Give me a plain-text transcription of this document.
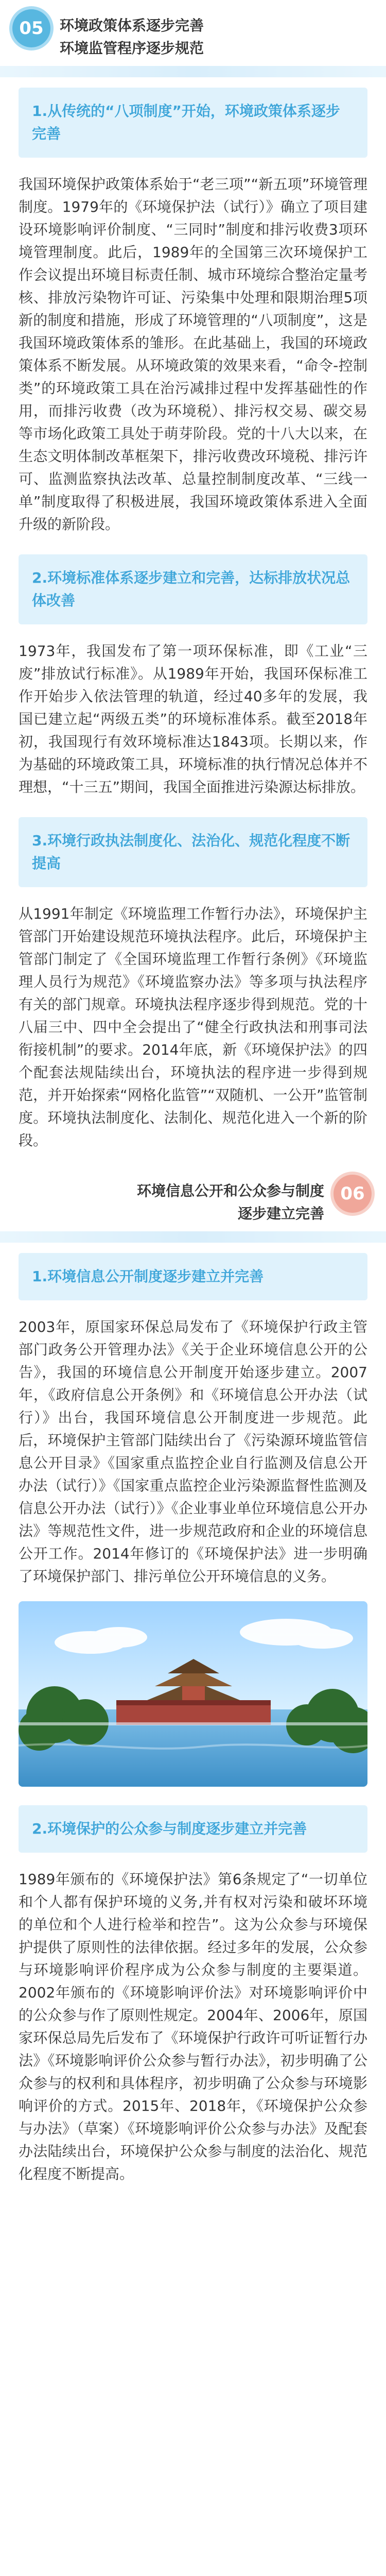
05 环境政策体系逐步完善
环境监管程序逐步规范
1.从传统的“八项制度”开始，环境政策体系逐步完善
我国环境保护政策体系始于“老三项”“新五项”环境管理制度。1979年的《环境保护法（试行）》确立了项目建设环境影响评价制度、“三同时”制度和排污收费3项环境管理制度。此后，1989年的全国第三次环境保护工作会议提出环境目标责任制、城市环境综合整治定量考核、排放污染物许可证、污染集中处理和限期治理5项新的制度和措施，形成了环境管理的“八项制度”，这是我国环境政策体系的雏形。在此基础上，我国的环境政策体系不断发展。从环境政策的效果来看，“命令-控制类”的环境政策工具在治污减排过程中发挥基础性的作用，而排污收费（改为环境税）、排污权交易、碳交易等市场化政策工具处于萌芽阶段。党的十八大以来，在生态文明体制改革框架下，排污收费改环境税、排污许可、监测监察执法改革、总量控制制度改革、“三线一单”制度取得了积极进展，我国环境政策体系进入全面升级的新阶段。
2.环境标准体系逐步建立和完善，达标排放状况总体改善
1973年，我国发布了第一项环保标准，即《工业“三废”排放试行标准》。从1989年开始，我国环保标准工作开始步入依法管理的轨道，经过40多年的发展，我国已建立起“两级五类”的环境标准体系。截至2018年初，我国现行有效环境标准达1843项。长期以来，作为基础的环境政策工具，环境标准的执行情况总体并不理想，“十三五”期间，我国全面推进污染源达标排放。
3.环境行政执法制度化、法治化、规范化程度不断提高
从1991年制定《环境监理工作暂行办法》，环境保护主管部门开始建设规范环境执法程序。此后，环境保护主管部门制定了《全国环境监理工作暂行条例》《环境监理人员行为规范》《环境监察办法》等多项与执法程序有关的部门规章。环境执法程序逐步得到规范。党的十八届三中、四中全会提出了“健全行政执法和刑事司法衔接机制”的要求。2014年底，新《环境保护法》的四个配套法规陆续出台，环境执法的程序进一步得到规范，并开始探索“网格化监管”“双随机、一公开”监管制度。环境执法制度化、法制化、规范化进入一个新的阶段。
环境信息公开和公众参与制度
逐步建立完善
06
1.环境信息公开制度逐步建立并完善
2003年，原国家环保总局发布了《环境保护行政主管部门政务公开管理办法》《关于企业环境信息公开的公告》，我国的环境信息公开制度开始逐步建立。2007年，《政府信息公开条例》和《环境信息公开办法（试行）》出台，我国环境信息公开制度进一步规范。此后，环境保护主管部门陆续出台了《污染源环境监管信息公开目录》《国家重点监控企业自行监测及信息公开办法（试行）》《国家重点监控企业污染源监督性监测及信息公开办法（试行）》《企业事业单位环境信息公开办法》等规范性文件，进一步规范政府和企业的环境信息公开工作。2014年修订的《环境保护法》进一步明确了环境保护部门、排污单位公开环境信息的义务。
2.环境保护的公众参与制度逐步建立并完善
1989年颁布的《环境保护法》第6条规定了“一切单位和个人都有保护环境的义务,并有权对污染和破坏环境的单位和个人进行检举和控告”。这为公众参与环境保护提供了原则性的法律依据。经过多年的发展，公众参与环境影响评价程序成为公众参与制度的主要渠道。2002年颁布的《环境影响评价法》对环境影响评价中的公众参与作了原则性规定。2004年、2006年，原国家环保总局先后发布了《环境保护行政许可听证暂行办法》《环境影响评价公众参与暂行办法》，初步明确了公众参与的权利和具体程序，初步明确了公众参与环境影响评价的方式。2015年、2018年，《环境保护公众参与办法》（草案）《环境影响评价公众参与办法》及配套办法陆续出台，环境保护公众参与制度的法治化、规范化程度不断提高。
